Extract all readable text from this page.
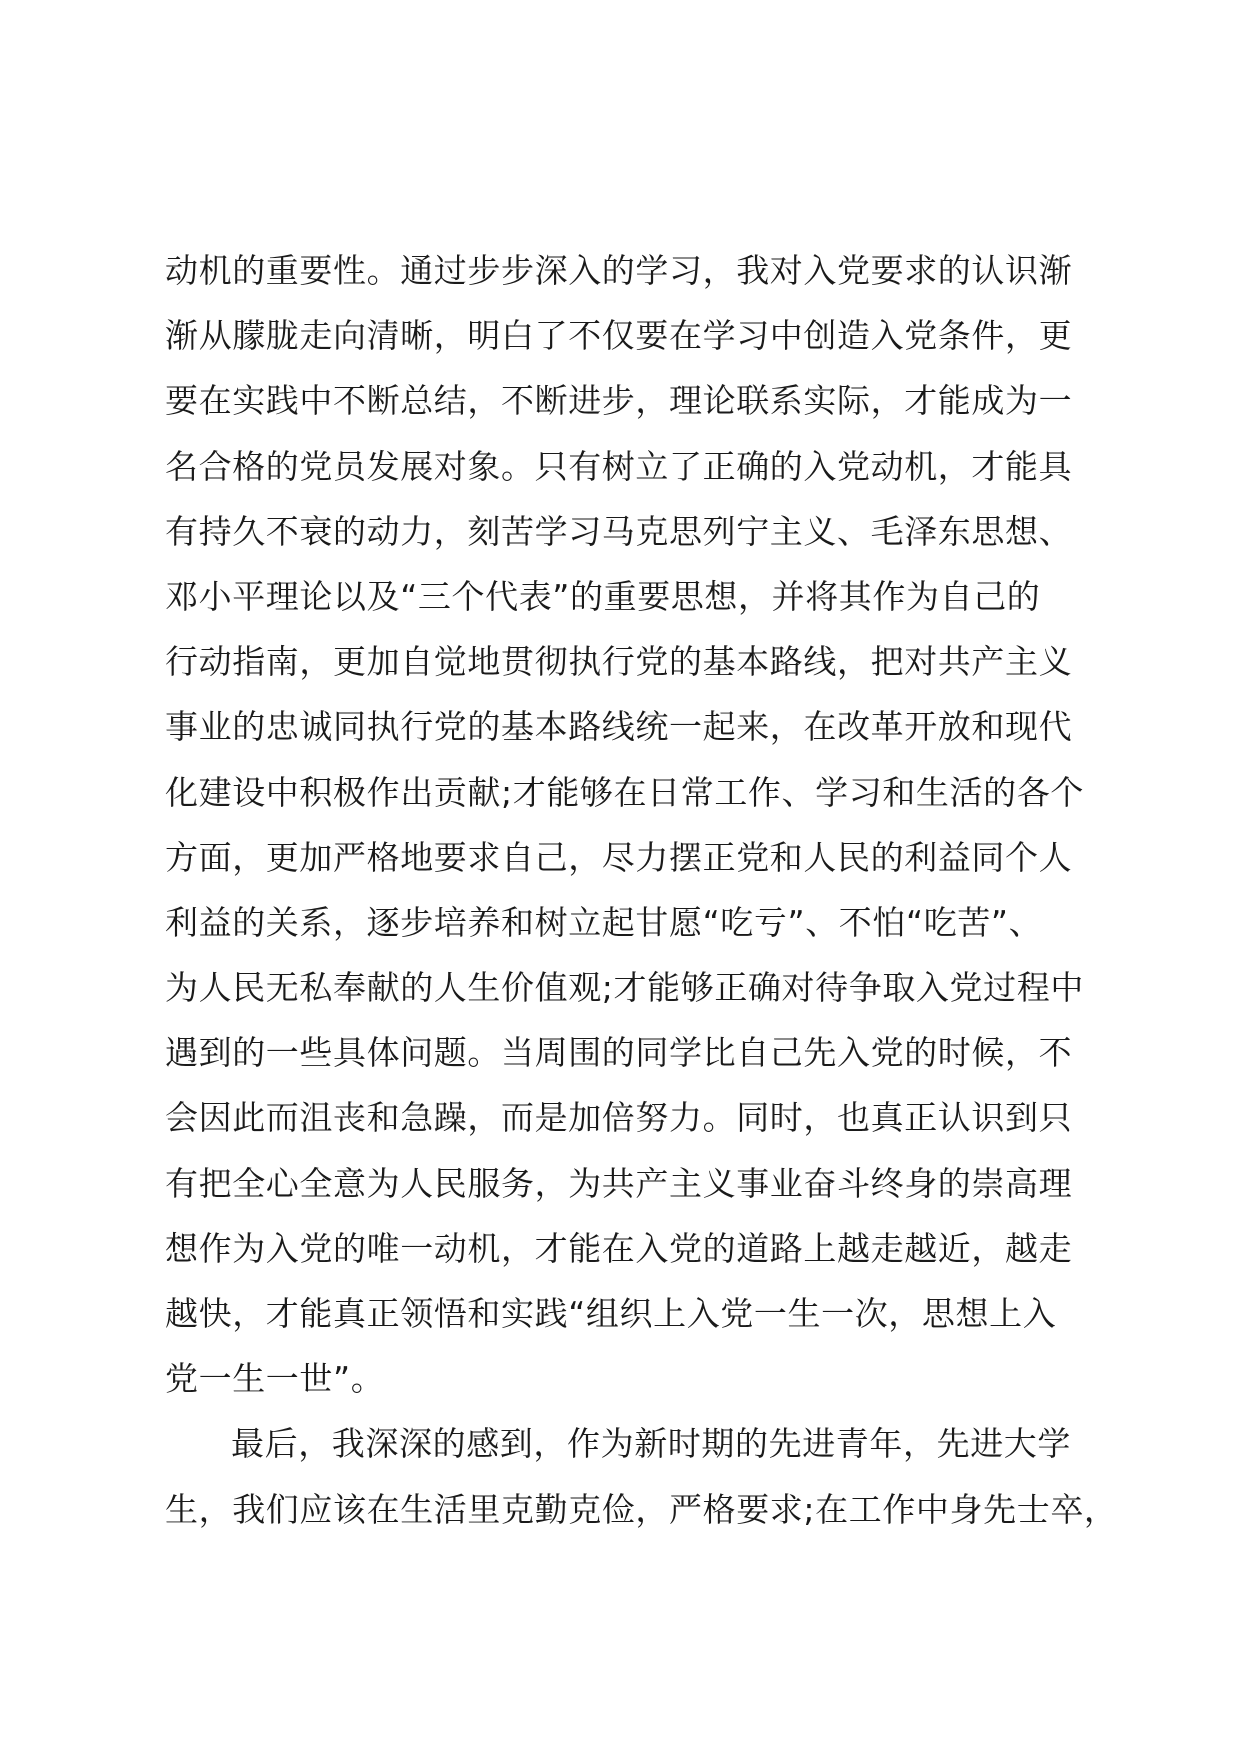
动机的重要性。通过步步深入的学习，我对入党要求的认识渐
渐从朦胧走向清晰，明白了不仅要在学习中创造入党条件，更
要在实践中不断总结，不断进步，理论联系实际，才能成为一
名合格的党员发展对象。只有树立了正确的入党动机，才能具
有持久不衰的动力，刻苦学习马克思列宁主义、毛泽东思想、
邓小平理论以及“三个代表”的重要思想，并将其作为自己的
行动指南，更加自觉地贯彻执行党的基本路线，把对共产主义
事业的忠诚同执行党的基本路线统一起来，在改革开放和现代
化建设中积极作出贡献;才能够在日常工作、学习和生活的各个
方面，更加严格地要求自己，尽力摆正党和人民的利益同个人
利益的关系，逐步培养和树立起甘愿“吃亏”、不怕“吃苦”、
为人民无私奉献的人生价值观;才能够正确对待争取入党过程中
遇到的一些具体问题。当周围的同学比自己先入党的时候，不
会因此而沮丧和急躁，而是加倍努力。同时，也真正认识到只
有把全心全意为人民服务，为共产主义事业奋斗终身的崇高理
想作为入党的唯一动机，才能在入党的道路上越走越近，越走
越快，才能真正领悟和实践“组织上入党一生一次，思想上入
党一生一世”。
最后，我深深的感到，作为新时期的先进青年，先进大学
生，我们应该在生活里克勤克俭，严格要求;在工作中身先士卒，
